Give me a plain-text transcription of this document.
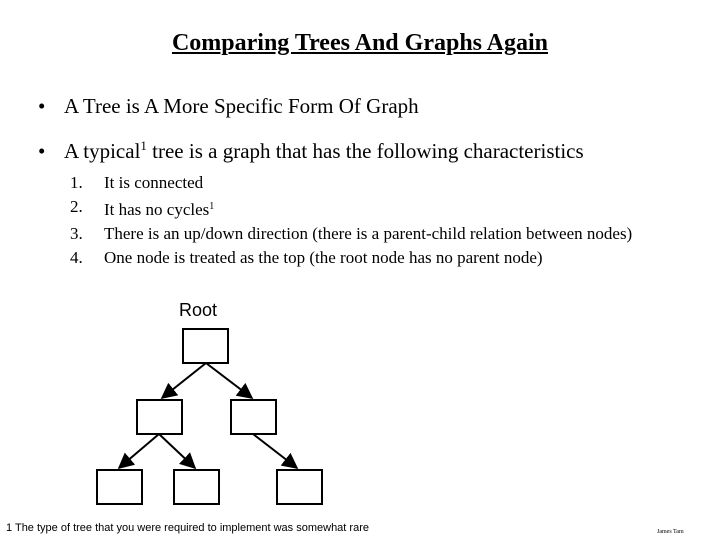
Comparing Trees And Graphs Again
• A Tree is A More Specific Form Of Graph
• A typical$^1$ tree is a graph that has the following characteristics
1. It is connected
2. It has no cycles$^1$
3. There is an up/down direction (there is a parent-child relation between nodes)
4. One node is treated as the top (the root node has no parent node)
Root
1 The type of tree that you were required to implement was somewhat rare	James Tam
